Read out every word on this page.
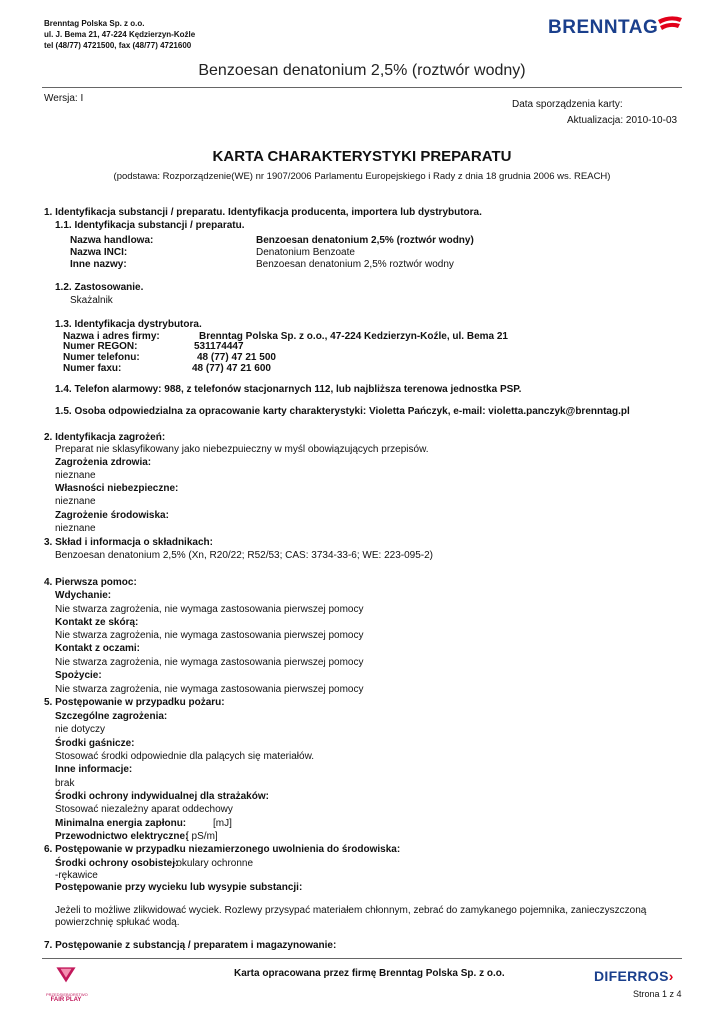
Brenntag Polska Sp. z o.o.
ul. J. Bema 21, 47-224 Kędzierzyn-Koźle
tel (48/77) 4721500, fax (48/77) 4721600
BRENNTAG
Benzoesan denatonium 2,5% (roztwór wodny)
Wersja: I
Data sporządzenia karty:
Aktualizacja: 2010-10-03
KARTA CHARAKTERYSTYKI PREPARATU
(podstawa: Rozporządzenie(WE) nr 1907/2006 Parlamentu Europejskiego i Rady z dnia 18 grudnia 2006 ws. REACH)
1. Identyfikacja substancji / preparatu. Identyfikacja producenta, importera lub dystrybutora.
1.1. Identyfikacja substancji / preparatu.
Nazwa handlowa:	Benzoesan denatonium 2,5% (roztwór wodny)
Nazwa INCI:	Denatonium Benzoate
Inne nazwy:	Benzoesan denatonium 2,5% roztwór wodny
1.2. Zastosowanie.
Skażalnik
1.3. Identyfikacja dystrybutora.
Nazwa i adres firmy:	Brenntag Polska Sp. z o.o., 47-224 Kedzierzyn-Koźle, ul. Bema 21
Numer REGON:	531174447
Numer telefonu:	48 (77) 47 21 500
Numer faxu:	48 (77) 47 21 600
1.4. Telefon alarmowy: 988, z telefonów stacjonarnych 112, lub najbliższa terenowa jednostka PSP.
1.5. Osoba odpowiedzialna za opracowanie karty charakterystyki: Violetta Pańczyk, e-mail: violetta.panczyk@brenntag.pl
2. Identyfikacja zagrożeń:
Preparat nie sklasyfikowany jako niebezpuieczny w myśl obowiązujących przepisów.
Zagrożenia zdrowia:
nieznane
Własności niebezpieczne:
nieznane
Zagrożenie środowiska:
nieznane
3. Skład i informacja o składnikach:
Benzoesan denatonium 2,5% (Xn, R20/22; R52/53; CAS: 3734-33-6; WE: 223-095-2)
4. Pierwsza pomoc:
Wdychanie:
Nie stwarza zagrożenia, nie wymaga zastosowania pierwszej pomocy
Kontakt ze skórą:
Nie stwarza zagrożenia, nie wymaga zastosowania pierwszej pomocy
Kontakt z oczami:
Nie stwarza zagrożenia, nie wymaga zastosowania pierwszej pomocy
Spożycie:
Nie stwarza zagrożenia, nie wymaga zastosowania pierwszej pomocy
5. Postępowanie w przypadku pożaru:
Szczególne zagrożenia:
nie dotyczy
Środki gaśnicze:
Stosować środki odpowiednie dla palących się materiałów.
Inne informacje:
brak
Środki ochrony indywidualnej dla strażaków:
Stosować niezależny aparat oddechowy
Minimalna energia zapłonu:	[mJ]
Przewodnictwo elektryczne:
[ pS/m]
6. Postępowanie w przypadku niezamierzonego uwolnienia do środowiska:
Środki ochrony osobistej:
-okulary ochronne
-rękawice
Postępowanie przy wycieku lub wysypie substancji:
Jeżeli to możliwe zlikwidować wyciek. Rozlewy przysypać materiałem chłonnym, zebrać do zamykanego pojemnika, zanieczyszczoną
powierzchnię spłukać wodą.
7. Postępowanie z substancją / preparatem i magazynowanie:
PRZEDSIĘBIORSTWO
FAIR PLAY
Karta opracowana przez firmę Brenntag Polska Sp. z o.o.	DIFERROS›
Strona 1 z 4
